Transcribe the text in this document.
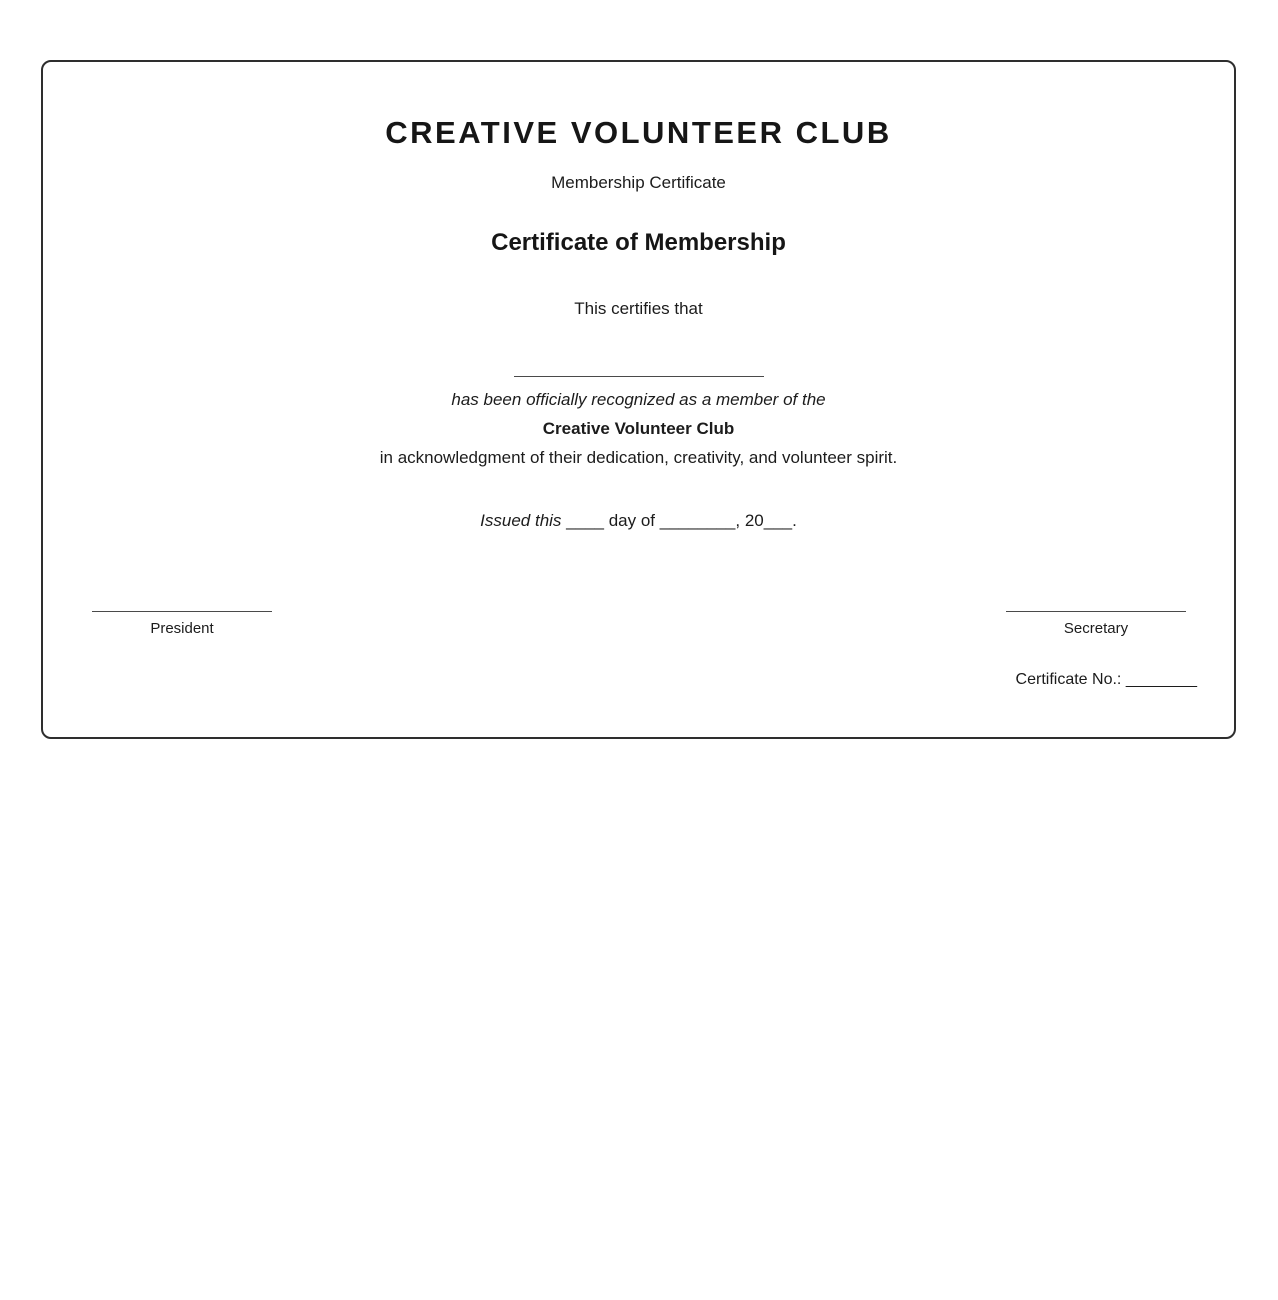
CREATIVE VOLUNTEER CLUB
Membership Certificate
Certificate of Membership
This certifies that
has been officially recognized as a member of the
Creative Volunteer Club
in acknowledgment of their dedication, creativity, and volunteer spirit.
Issued this ____ day of ________, 20___.
President	Secretary
Certificate No.: ________
